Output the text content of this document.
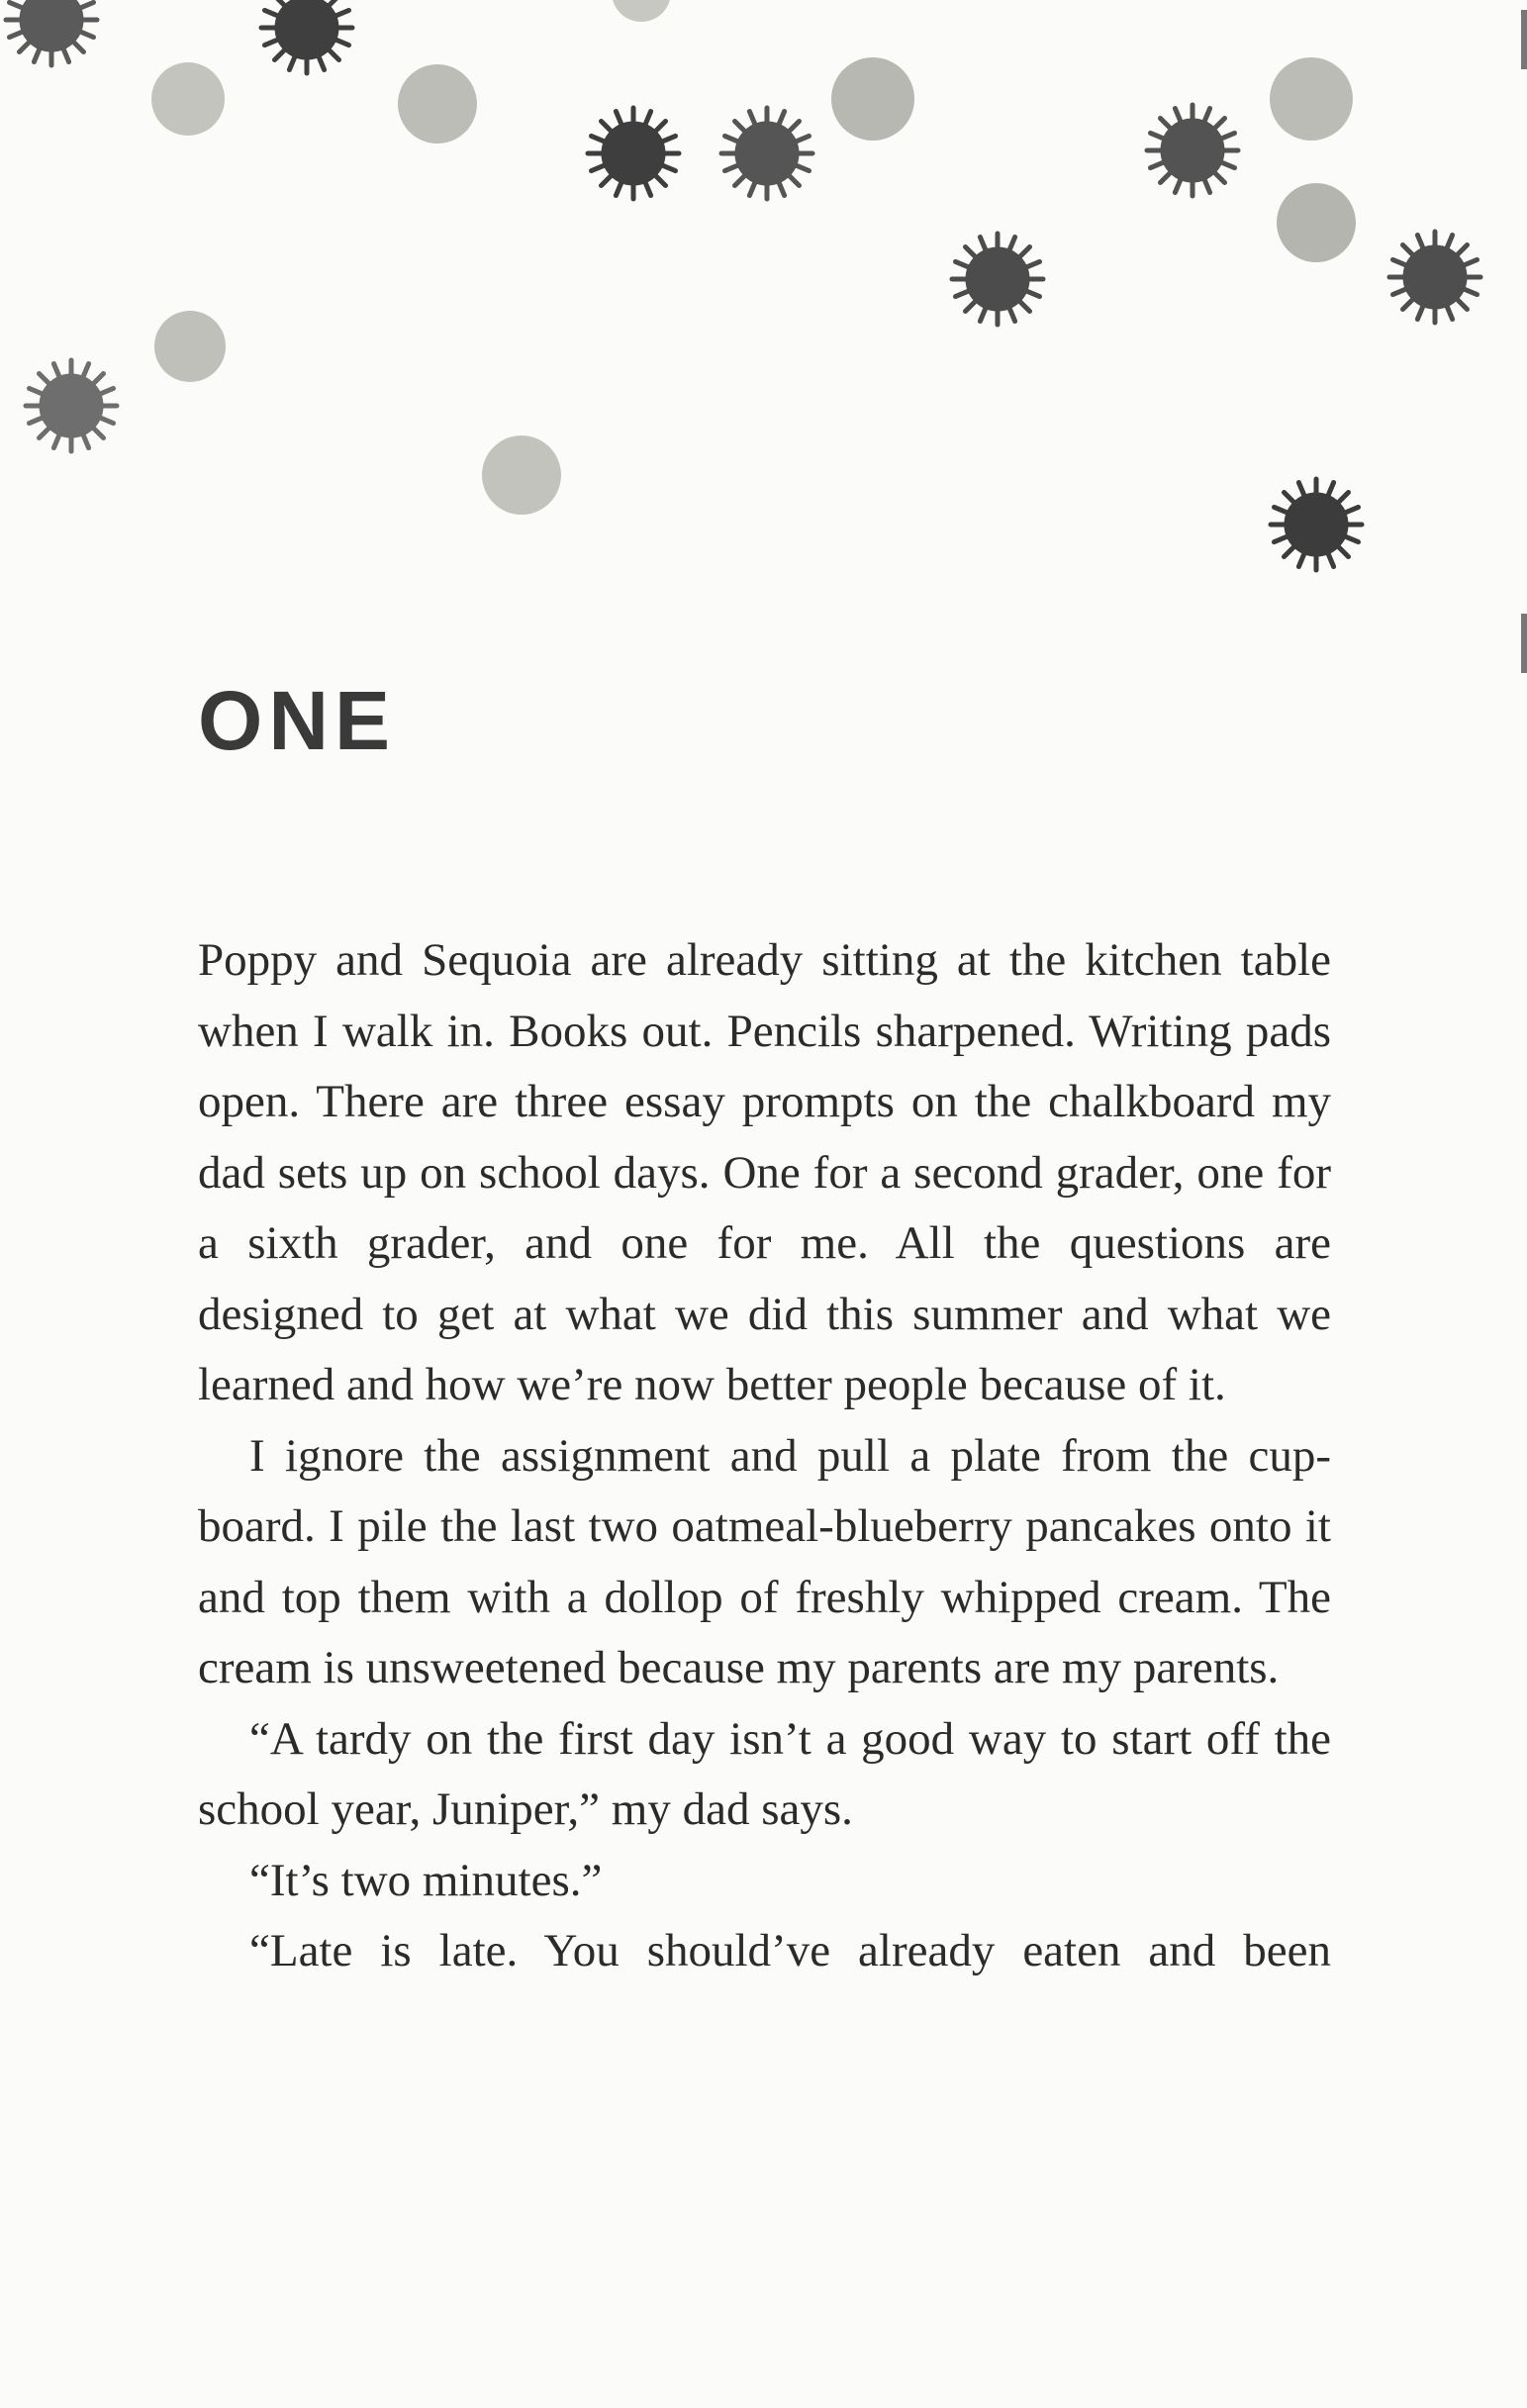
ONE

Poppy and Sequoia are already sitting at the kitchen table when I walk in. Books out. Pencils sharpened. Writing pads open. There are three essay prompts on the chalkboard my dad sets up on school days. One for a second grader, one for a sixth grader, and one for me. All the questions are designed to get at what we did this summer and what we learned and how we’re now better people because of it.

I ignore the assignment and pull a plate from the cupboard. I pile the last two oatmeal-blueberry pancakes onto it and top them with a dollop of freshly whipped cream. The cream is unsweetened because my parents are my parents.

“A tardy on the first day isn’t a good way to start off the school year, Juniper,” my dad says.

“It’s two minutes.”

“Late is late. You should’ve already eaten and been
